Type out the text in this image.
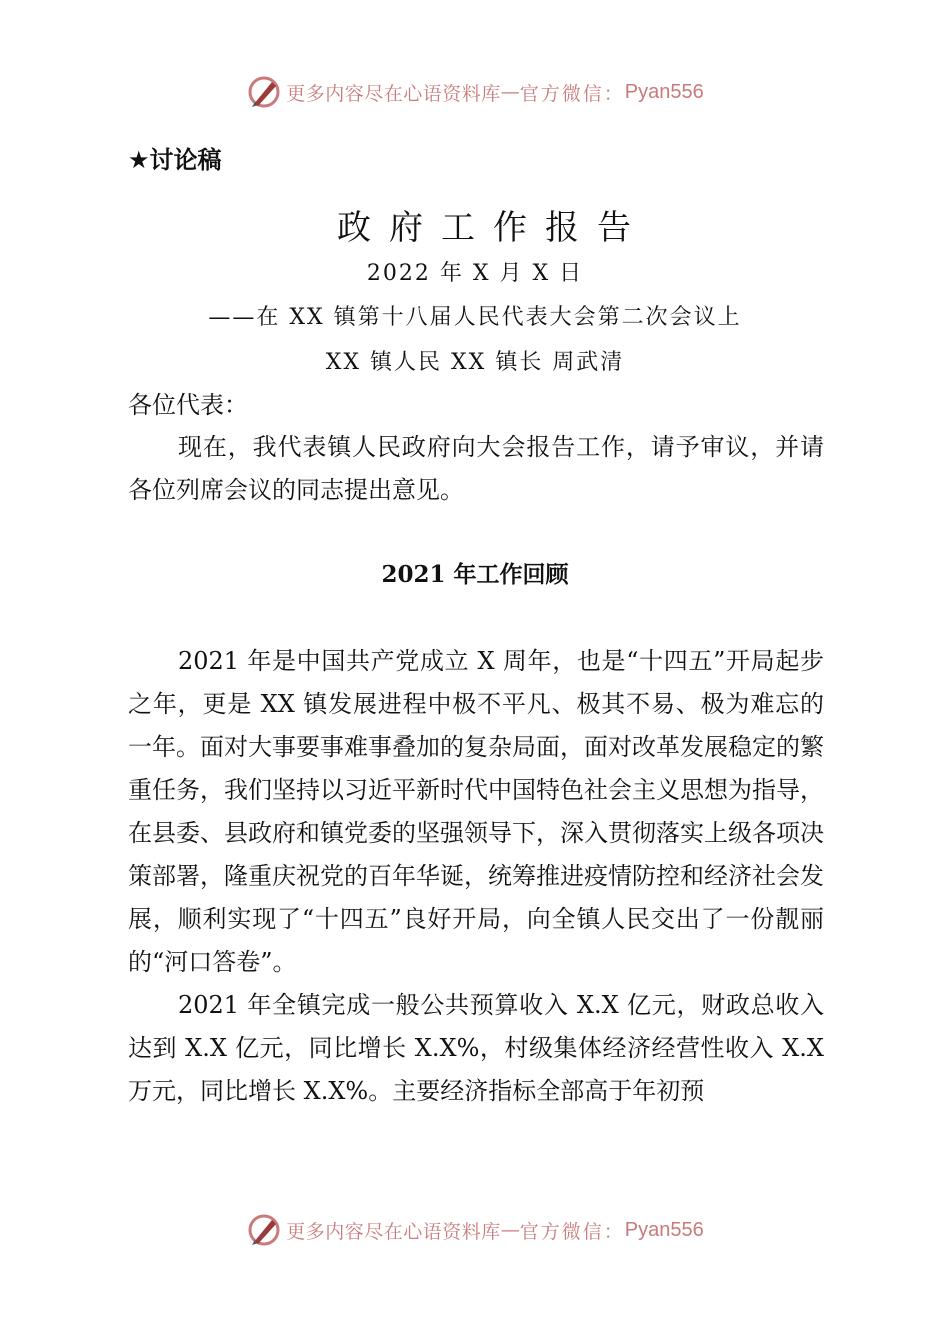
更多内容尽在心语资料库 — 官方微信： Pyan556
★讨论稿
政府工作报告
2022 年 X 月 X 日
——在 XX 镇第十八届人民代表大会第二次会议上
XX 镇人民 XX 镇长 周武清
各位代表：

现在，我代表镇人民政府向大会报告工作，请予审议，并请各位列席会议的同志提出意见。

2021 年工作回顾

2021 年是中国共产党成立 X 周年，也是“十四五”开局起步之年，更是 XX 镇发展进程中极不平凡、极其不易、极为难忘的一年。面对大事要事难事叠加的复杂局面，面对改革发展稳定的繁重任务，我们坚持以习近平新时代中国特色社会主义思想为指导，在县委、县政府和镇党委的坚强领导下，深入贯彻落实上级各项决策部署，隆重庆祝党的百年华诞，统筹推进疫情防控和经济社会发展，顺利实现了“十四五”良好开局，向全镇人民交出了一份靓丽的“河口答卷”。

2021 年全镇完成一般公共预算收入 X.X 亿元，财政总收入达到 X.X 亿元，同比增长 X.X%，村级集体经济经营性收入 X.X 万元，同比增长 X.X%。主要经济指标全部高于年初预

更多内容尽在心语资料库 — 官方微信： Pyan556
